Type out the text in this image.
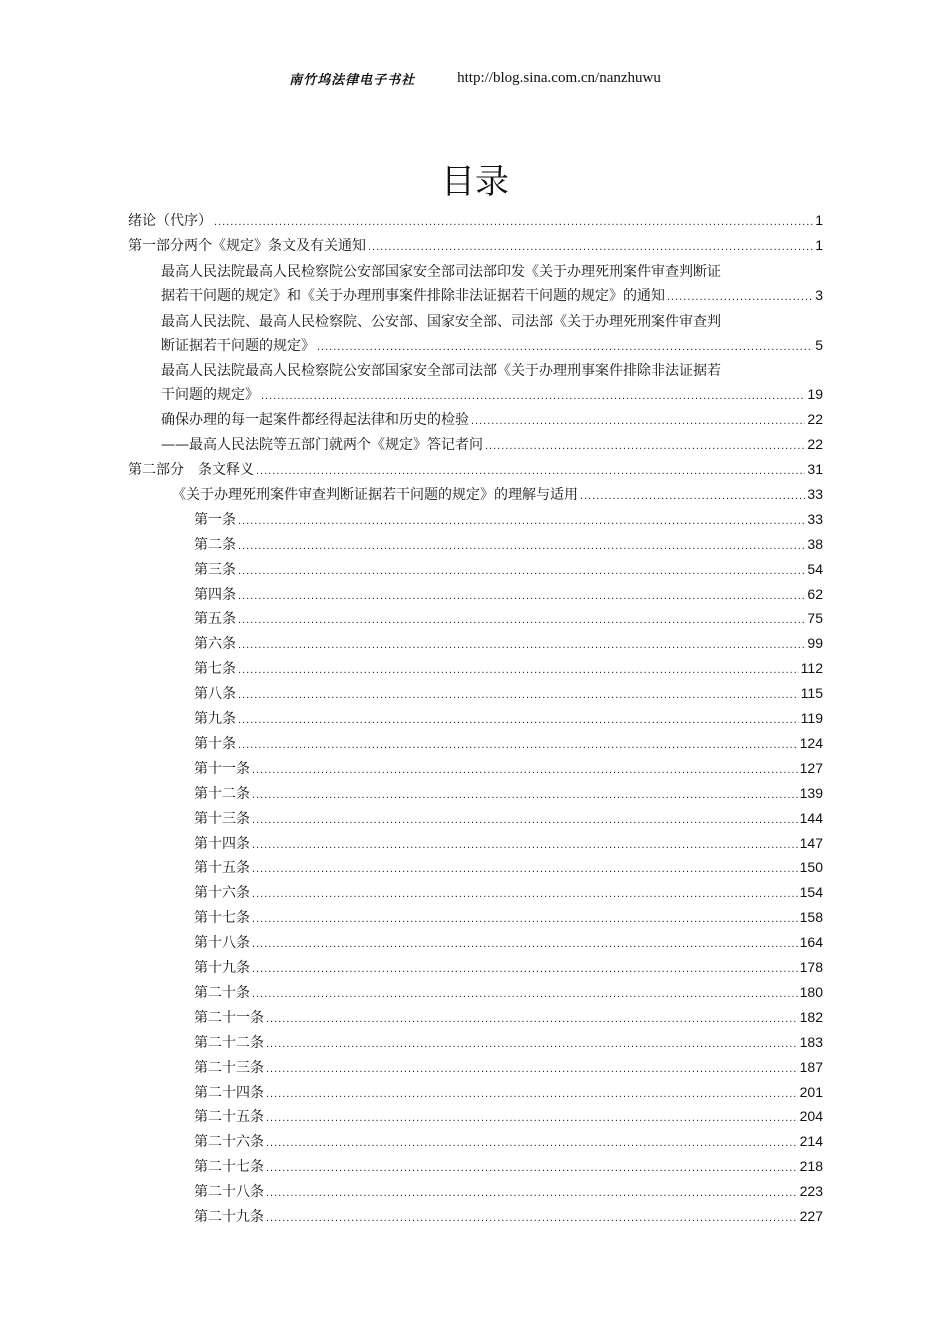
南竹坞法律电子书社	http://blog.sina.com.cn/nanzhuwu
目录
绪论（代序） .....	1
第一部分两个《规定》条文及有关通知 .....	1
最高人民法院最高人民检察院公安部国家安全部司法部印发《关于办理死刑案件审查判断证
据若干问题的规定》和《关于办理刑事案件排除非法证据若干问题的规定》的通知 .....	3
最高人民法院、最高人民检察院、公安部、国家安全部、司法部《关于办理死刑案件审查判
断证据若干问题的规定》 .....	5
最高人民法院最高人民检察院公安部国家安全部司法部《关于办理刑事案件排除非法证据若
干问题的规定》 .....	19
确保办理的每一起案件都经得起法律和历史的检验 .....	22
——最高人民法院等五部门就两个《规定》答记者问 .....	22
第二部分　条文释义 .....	31
《关于办理死刑案件审查判断证据若干问题的规定》的理解与适用 .....	33
第一条 .....	33
第二条 .....	38
第三条 .....	54
第四条 .....	62
第五条 .....	75
第六条 .....	99
第七条 .....	112
第八条 .....	115
第九条 .....	119
第十条 .....	124
第十一条 .....	127
第十二条 .....	139
第十三条 .....	144
第十四条 .....	147
第十五条 .....	150
第十六条 .....	154
第十七条 .....	158
第十八条 .....	164
第十九条 .....	178
第二十条 .....	180
第二十一条 .....	182
第二十二条 .....	183
第二十三条 .....	187
第二十四条 .....	201
第二十五条 .....	204
第二十六条 .....	214
第二十七条 .....	218
第二十八条 .....	223
第二十九条 .....	227
